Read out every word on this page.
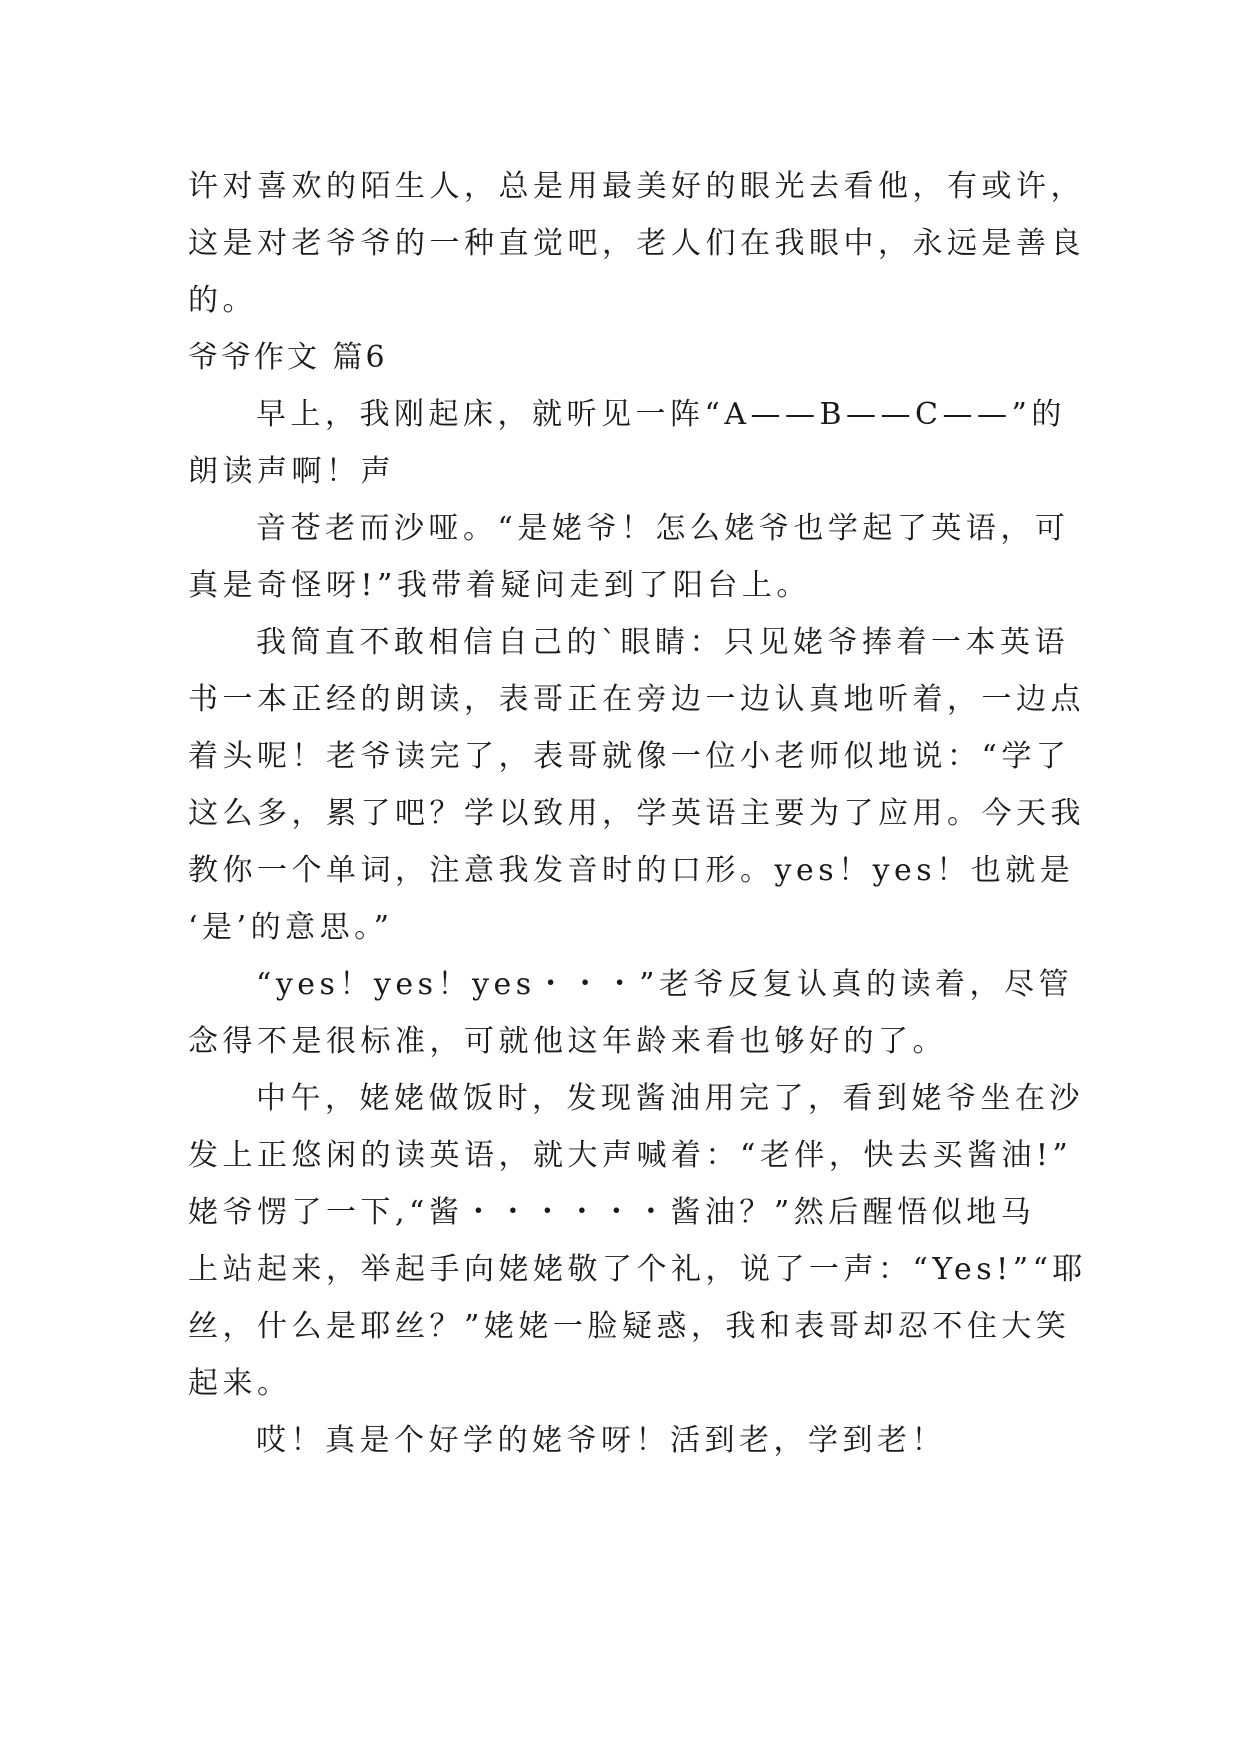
许对喜欢的陌生人，总是用最美好的眼光去看他，有或许，
这是对老爷爷的一种直觉吧，老人们在我眼中，永远是善良
的。
爷爷作文 篇6
早上，我刚起床，就听见一阵“A——B——C——”的
朗读声啊！声
音苍老而沙哑。“是姥爷！怎么姥爷也学起了英语，可
真是奇怪呀!”我带着疑问走到了阳台上。
我简直不敢相信自己的`眼睛：只见姥爷捧着一本英语
书一本正经的朗读，表哥正在旁边一边认真地听着，一边点
着头呢！老爷读完了，表哥就像一位小老师似地说：“学了
这么多，累了吧？学以致用，学英语主要为了应用。今天我
教你一个单词，注意我发音时的口形。yes！yes！也就是
‘是’的意思。”
“yes！yes！yes・・・”老爷反复认真的读着，尽管
念得不是很标准，可就他这年龄来看也够好的了。
中午，姥姥做饭时，发现酱油用完了，看到姥爷坐在沙
发上正悠闲的读英语，就大声喊着：“老伴，快去买酱油!”
姥爷愣了一下,“酱・・・・・・酱油？”然后醒悟似地马
上站起来，举起手向姥姥敬了个礼，说了一声：“Yes!”“耶
丝，什么是耶丝？”姥姥一脸疑惑，我和表哥却忍不住大笑
起来。
哎！真是个好学的姥爷呀！活到老，学到老！
